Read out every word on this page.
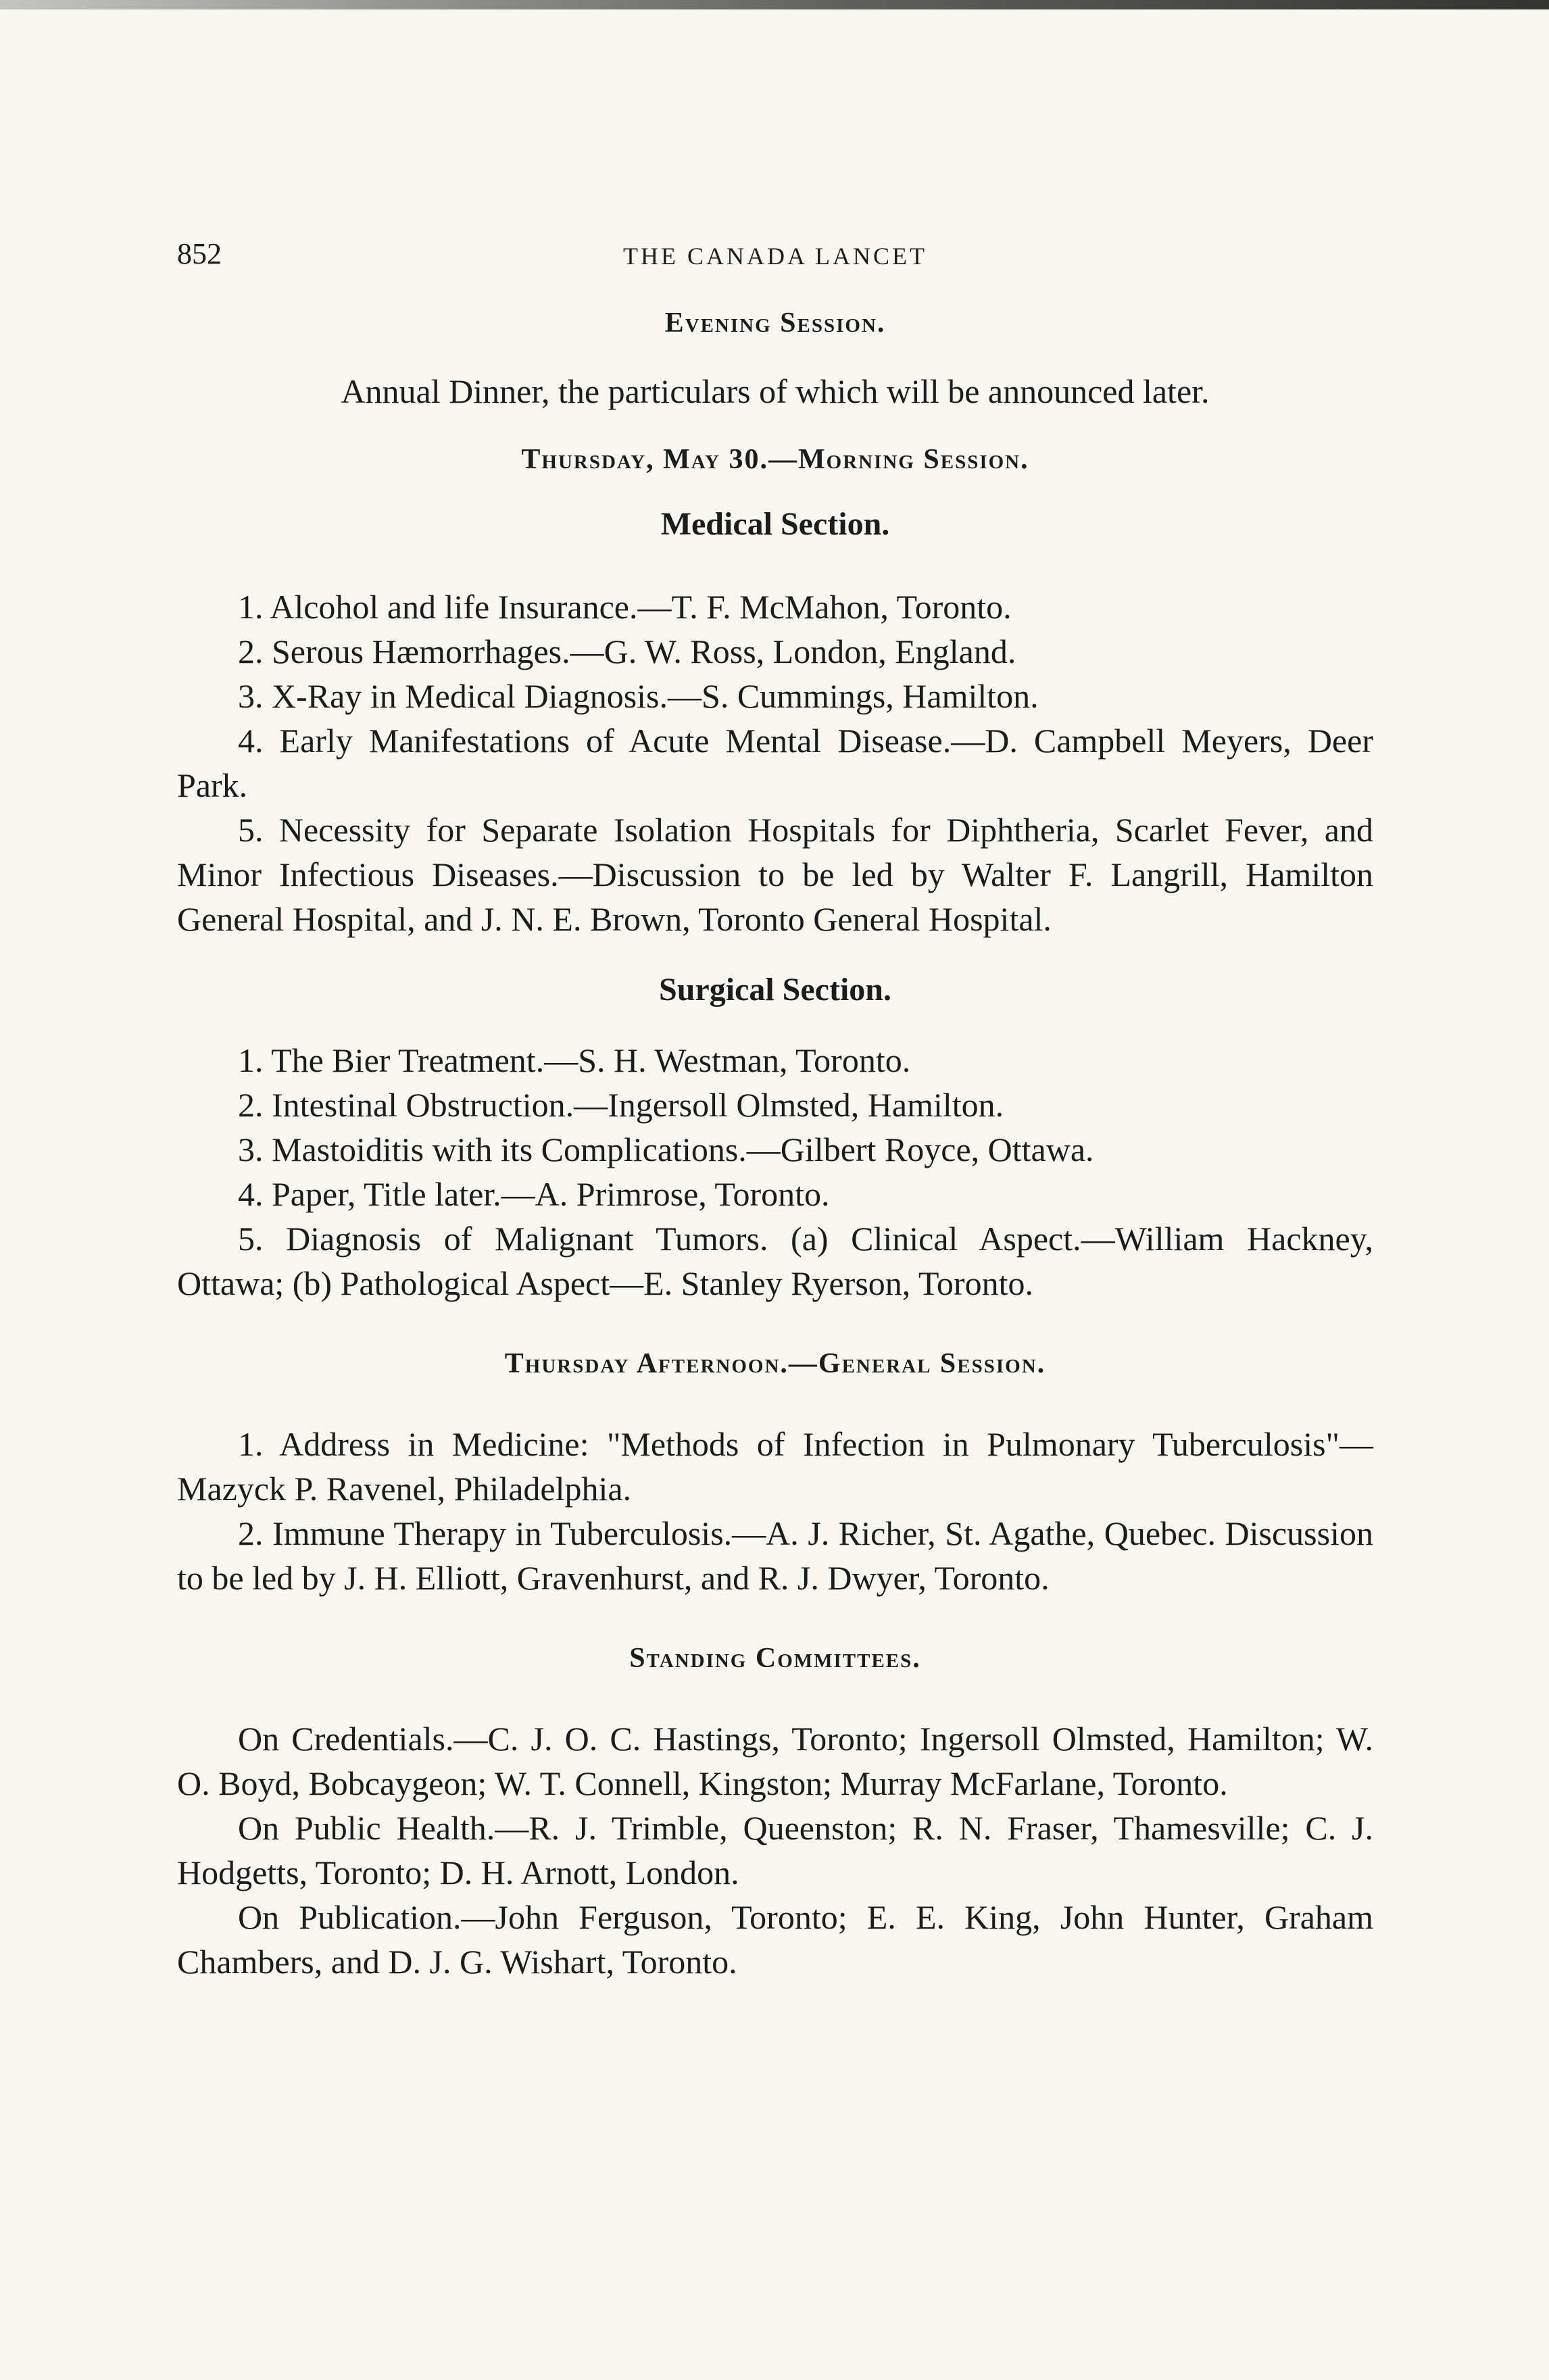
852	THE CANADA LANCET
Evening Session.

Annual Dinner, the particulars of which will be announced later.

Thursday, May 30.—Morning Session.
Medical Section.

1. Alcohol and life Insurance.—T. F. McMahon, Toronto.

2. Serous Hæmorrhages.—G. W. Ross, London, England.

3. X-Ray in Medical Diagnosis.—S. Cummings, Hamilton.

4. Early Manifestations of Acute Mental Disease.—D. Campbell Meyers, Deer Park.

5. Necessity for Separate Isolation Hospitals for Diphtheria, Scarlet Fever, and Minor Infectious Diseases.—Discussion to be led by Walter F. Langrill, Hamilton General Hospital, and J. N. E. Brown, Toronto General Hospital.

Surgical Section.

1. The Bier Treatment.—S. H. Westman, Toronto.

2. Intestinal Obstruction.—Ingersoll Olmsted, Hamilton.

3. Mastoiditis with its Complications.—Gilbert Royce, Ottawa.

4. Paper, Title later.—A. Primrose, Toronto.

5. Diagnosis of Malignant Tumors. (a) Clinical Aspect.—William Hackney, Ottawa; (b) Pathological Aspect—E. Stanley Ryerson, Toronto.

Thursday Afternoon.—General Session.

1. Address in Medicine: "Methods of Infection in Pulmonary Tuberculosis"—Mazyck P. Ravenel, Philadelphia.

2. Immune Therapy in Tuberculosis.—A. J. Richer, St. Agathe, Quebec. Discussion to be led by J. H. Elliott, Gravenhurst, and R. J. Dwyer, Toronto.

Standing Committees.

On Credentials.—C. J. O. C. Hastings, Toronto; Ingersoll Olmsted, Hamilton; W. O. Boyd, Bobcaygeon; W. T. Connell, Kingston; Murray McFarlane, Toronto.

On Public Health.—R. J. Trimble, Queenston; R. N. Fraser, Thamesville; C. J. Hodgetts, Toronto; D. H. Arnott, London.

On Publication.—John Ferguson, Toronto; E. E. King, John Hunter, Graham Chambers, and D. J. G. Wishart, Toronto.
